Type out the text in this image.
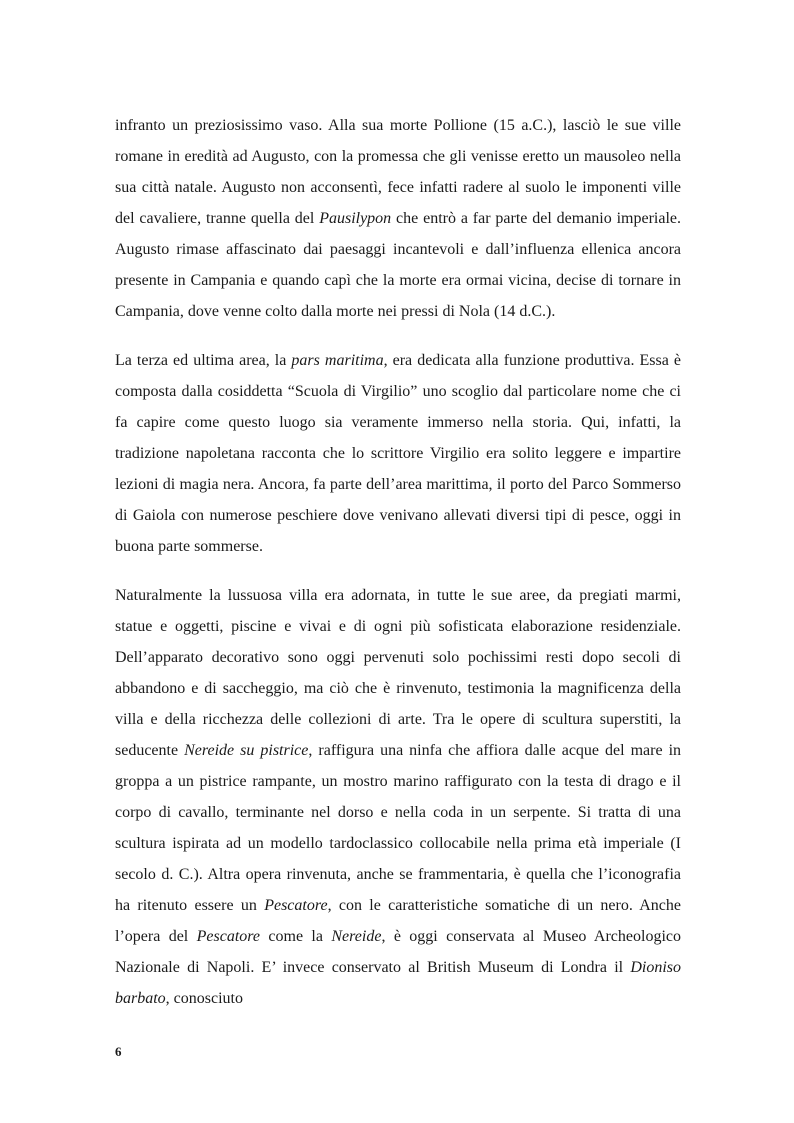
infranto un preziosissimo vaso. Alla sua morte Pollione (15 a.C.), lasciò le sue ville romane in eredità ad Augusto, con la promessa che gli venisse eretto un mausoleo nella sua città natale. Augusto non acconsentì, fece infatti radere al suolo le imponenti ville del cavaliere, tranne quella del Pausilypon che entrò a far parte del demanio imperiale. Augusto rimase affascinato dai paesaggi incantevoli e dall’influenza ellenica ancora presente in Campania e quando capì che la morte era ormai vicina, decise di tornare in Campania, dove venne colto dalla morte nei pressi di Nola (14 d.C.).

La terza ed ultima area, la pars maritima, era dedicata alla funzione produttiva. Essa è composta dalla cosiddetta “Scuola di Virgilio” uno scoglio dal particolare nome che ci fa capire come questo luogo sia veramente immerso nella storia. Qui, infatti, la tradizione napoletana racconta che lo scrittore Virgilio era solito leggere e impartire lezioni di magia nera. Ancora, fa parte dell’area marittima, il porto del Parco Sommerso di Gaiola con numerose peschiere dove venivano allevati diversi tipi di pesce, oggi in buona parte sommerse.

Naturalmente la lussuosa villa era adornata, in tutte le sue aree, da pregiati marmi, statue e oggetti, piscine e vivai e di ogni più sofisticata elaborazione residenziale. Dell’apparato decorativo sono oggi pervenuti solo pochissimi resti dopo secoli di abbandono e di saccheggio, ma ciò che è rinvenuto, testimonia la magnificenza della villa e della ricchezza delle collezioni di arte. Tra le opere di scultura superstiti, la seducente Nereide su pistrice, raffigura una ninfa che affiora dalle acque del mare in groppa a un pistrice rampante, un mostro marino raffigurato con la testa di drago e il corpo di cavallo, terminante nel dorso e nella coda in un serpente. Si tratta di una scultura ispirata ad un modello tardoclassico collocabile nella prima età imperiale (I secolo d. C.). Altra opera rinvenuta, anche se frammentaria, è quella che l’iconografia ha ritenuto essere un Pescatore, con le caratteristiche somatiche di un nero. Anche l’opera del Pescatore come la Nereide, è oggi conservata al Museo Archeologico Nazionale di Napoli. E’ invece conservato al British Museum di Londra il Dioniso barbato, conosciuto

6
